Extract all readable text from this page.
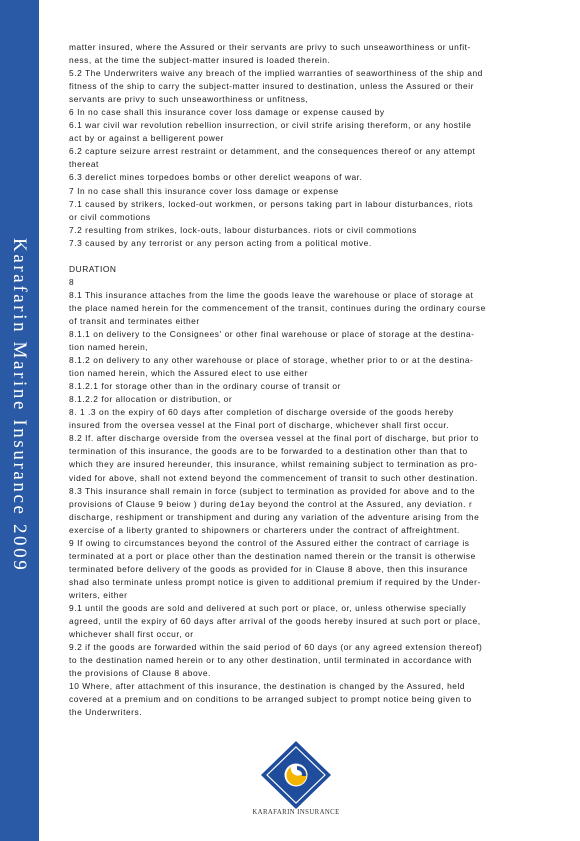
Karafarin Marine Insurance 2009

matter insured, where the Assured or their servants are privy to such unseaworthiness or unfit-

ness, at the time the subject-matter insured is loaded therein.

5.2 The Underwriters waive any breach of the implied warranties of seaworthiness of the ship and

fitness of the ship to carry the subject-matter insured to destination, unless the Assured or their

servants are privy to such unseaworthiness or unfitness,

6 In no case shall this insurance cover loss damage or expense caused by

6.1 war civil war revolution rebellion insurrection, or civil strife arising thereform, or any hostile

act by or against a belligerent power

6.2 capture seizure arrest restraint or detamment, and the consequences thereof or any attempt

thereat

6.3 derelict mines torpedoes bombs or other derelict weapons of war.

7 In no case shall this insurance cover loss damage or expense

7.1 caused by strikers, locked-out workmen, or persons taking part in labour disturbances, riots

or civil commotions

7.2 resulting from strikes, lock-outs, labour disturbances. riots or civil commotions

7.3 caused by any terrorist or any person acting from a political motive.

DURATION

8

8.1 This insurance attaches from the lime the goods leave the warehouse or place of storage at

the place named herein for the commencement of the transit, continues during the ordinary course

of transit and terminates either

8.1.1 on delivery to the Consignees' or other final warehouse or place of storage at the destina-

tion named herein,

8.1.2 on delivery to any other warehouse or place of storage, whether prior to or at the destina-

tion named herein, which the Assured elect to use either

8.1.2.1 for storage other than in the ordinary course of transit or

8.1.2.2 for allocation or distribution, or

8. 1 .3 on the expiry of 60 days after completion of discharge overside of the goods hereby

insured from the oversea vessel at the Final port of discharge, whichever shall first occur.

8.2 If. after discharge overside from the oversea vessel at the final port of discharge, but prior to

termination of this insurance, the goods are to be forwarded to a destination other than that to

which they are insured hereunder, this insurance, whilst remaining subject to termination as pro-

vided for above, shall not extend beyond the commencement of transit to such other destination.

8.3 This insurance shall remain in force (subject to termination as provided for above and to the

provisions of Clause 9 beiow ) during de1ay beyond the control at the Assured, any deviation. r

discharge, reshipment or transhipment and during any variation of the adventure arising from the

exercise of a liberty granted to shipowners or charterers under the contract of affreightment.

9 If owing to circumstances beyond the control of the Assured either the contract of carriage is

terminated at a port or place other than the destination named therein or the transit is otherwise

terminated before delivery of the goods as provided for in Clause 8 above, then this insurance

shad also terminate unless prompt notice is given to additional premium if required by the Under-

writers, either

9.1 until the goods are sold and delivered at such port or place, or, unless otherwise specially

agreed, until the expiry of 60 days after arrival of the goods hereby insured at such port or place,

whichever shall first occur, or

9.2 if the goods are forwarded within the said period of 60 days (or any agreed extension thereof)

to the destination named herein or to any other destination, until terminated in accordance with

the provisions of Clause 8 above.

10 Where, after attachment of this insurance, the destination is changed by the Assured, held

covered at a premium and on conditions to be arranged subject to prompt notice being given to

the Underwriters.

KARAFARIN INSURANCE
